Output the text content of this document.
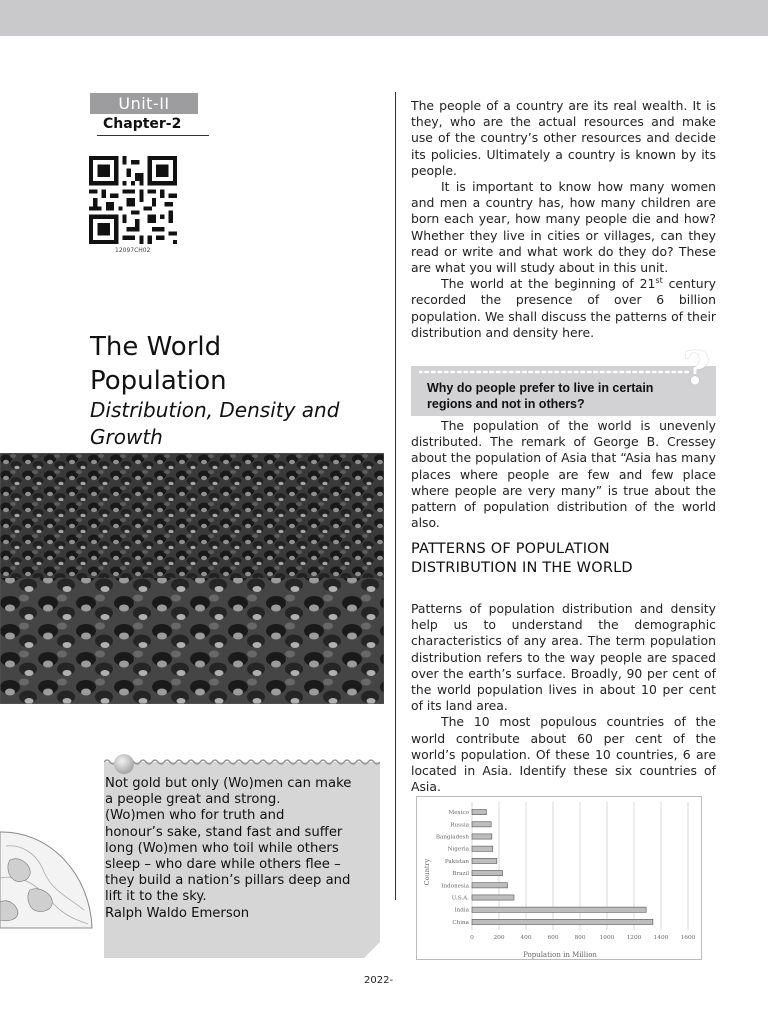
Unit-II
Chapter-2
12097CH02
The World
Population
Distribution, Density and Growth
Not gold but only (Wo)men can make
a people great and strong.
(Wo)men who for truth and
honour’s sake, stand fast and suffer
long (Wo)men who toil while others
sleep – who dare while others flee –
they build a nation’s pillars deep and
lift it to the sky.
Ralph Waldo Emerson

The people of a country are its real wealth. It is they, who are the actual resources and make use of the country’s other resources and decide its policies. Ultimately a country is known by its people.

It is important to know how many women and men a country has, how many children are born each year, how many people die and how? Whether they live in cities or villages, can they read or write and what work do they do? These are what you will study about in this unit.

The world at the beginning of 21st century recorded the presence of over 6 billion population. We shall discuss the patterns of their distribution and density here.

Why do people prefer to live in certain regions and not in others?
?

The population of the world is unevenly distributed. The remark of George B. Cressey about the population of Asia that “Asia has many places where people are few and few place where people are very many” is true about the pattern of population distribution of the world also.

PATTERNS OF POPULATION DISTRIBUTION IN THE WORLD

Patterns of population distribution and density help us to understand the demographic characteristics of any area. The term population distribution refers to the way people are spaced over the earth’s surface. Broadly, 90 per cent of the world population lives in about 10 per cent of its land area.

The 10 most populous countries of the world contribute about 60 per cent of the world’s population. Of these 10 countries, 6 are located in Asia. Identify these six countries of Asia.

Mexico
Russia
Bangladesh
Nigeria
Pakistan
Brazil
Indonesia
U.S.A.
India
China
0	200	400	600	800 1000 1200 1400 1600
Population in Million
Country
2022-
